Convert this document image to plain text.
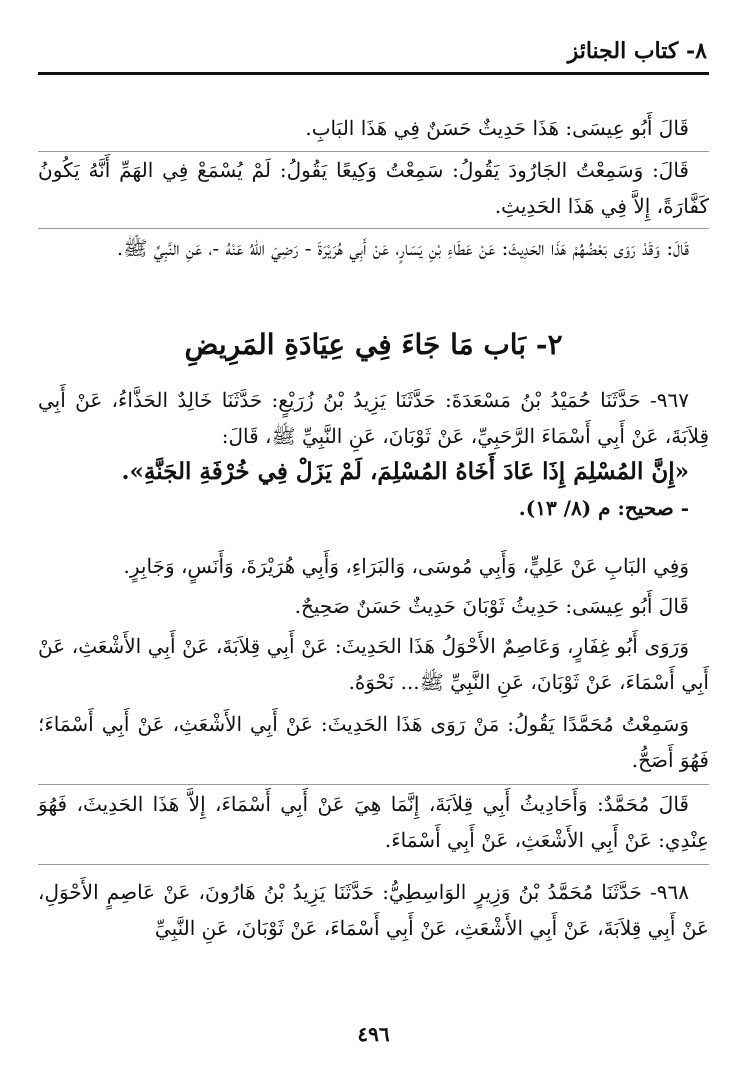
٨- كتاب الجنائز

قَالَ أَبُو عِيسَى: هَذَا حَدِيثٌ حَسَنٌ فِي هَذَا البَابِ.

قَالَ: وَسَمِعْتُ الجَارُودَ يَقُولُ: سَمِعْتُ وَكِيعًا يَقُولُ: لَمْ يُسْمَعْ فِي الهَمِّ أَنَّهُ يَكُونُ كَفَّارَةً، إِلاَّ فِي هَذَا الحَدِيثِ.

قَالَ: وَقَدْ رَوَى بَعْضُهُمْ هَذَا الحَدِيثَ: عَنْ عَطَاءِ بْنِ يَسَارٍ، عَنْ أَبِي هُرَيْرَةَ - رَضِيَ اللهُ عَنْهُ -، عَنِ النَّبِيِّ ﷺ.

٢- بَاب مَا جَاءَ فِي عِيَادَةِ المَرِيضِ

٩٦٧- حَدَّثَنَا حُمَيْدُ بْنُ مَسْعَدَةَ: حَدَّثَنَا يَزِيدُ بْنُ زُرَيْعٍ: حَدَّثَنَا خَالِدٌ الحَذَّاءُ، عَنْ أَبِي قِلاَبَةَ، عَنْ أَبِي أَسْمَاءَ الرَّحَبِيِّ، عَنْ ثَوْبَانَ، عَنِ النَّبِيِّ ﷺ، قَالَ:

«إِنَّ المُسْلِمَ إِذَا عَادَ أَخَاهُ المُسْلِمَ، لَمْ يَزَلْ فِي خُرْفَةِ الجَنَّةِ».

- صحيح: م (٨/ ١٣).

وَفِي البَابِ عَنْ عَلِيٍّ، وَأَبِي مُوسَى، وَالبَرَاءِ، وَأَبِي هُرَيْرَةَ، وَأَنَسٍ، وَجَابِرٍ.

قَالَ أَبُو عِيسَى: حَدِيثُ ثَوْبَانَ حَدِيثٌ حَسَنٌ صَحِيحٌ.

وَرَوَى أَبُو غِفَارٍ، وَعَاصِمٌ الأَحْوَلُ هَذَا الحَدِيثَ: عَنْ أَبِي قِلاَبَةَ، عَنْ أَبِي الأَشْعَثِ، عَنْ أَبِي أَسْمَاءَ، عَنْ ثَوْبَانَ، عَنِ النَّبِيِّ ﷺ... نَحْوَهُ.

وَسَمِعْتُ مُحَمَّدًا يَقُولُ: مَنْ رَوَى هَذَا الحَدِيثَ: عَنْ أَبِي الأَشْعَثِ، عَنْ أَبِي أَسْمَاءَ؛ فَهُوَ أَصَحُّ.

قَالَ مُحَمَّدٌ: وَأَحَادِيثُ أَبِي قِلاَبَةَ، إِنَّمَا هِيَ عَنْ أَبِي أَسْمَاءَ، إِلاَّ هَذَا الحَدِيثَ، فَهُوَ عِنْدِي: عَنْ أَبِي الأَشْعَثِ، عَنْ أَبِي أَسْمَاءَ.

٩٦٨- حَدَّثَنَا مُحَمَّدُ بْنُ وَزِيرٍ الوَاسِطِيُّ: حَدَّثَنَا يَزِيدُ بْنُ هَارُونَ، عَنْ عَاصِمٍ الأَحْوَلِ، عَنْ أَبِي قِلاَبَةَ، عَنْ أَبِي الأَشْعَثِ، عَنْ أَبِي أَسْمَاءَ، عَنْ ثَوْبَانَ، عَنِ النَّبِيِّ

٤٩٦
